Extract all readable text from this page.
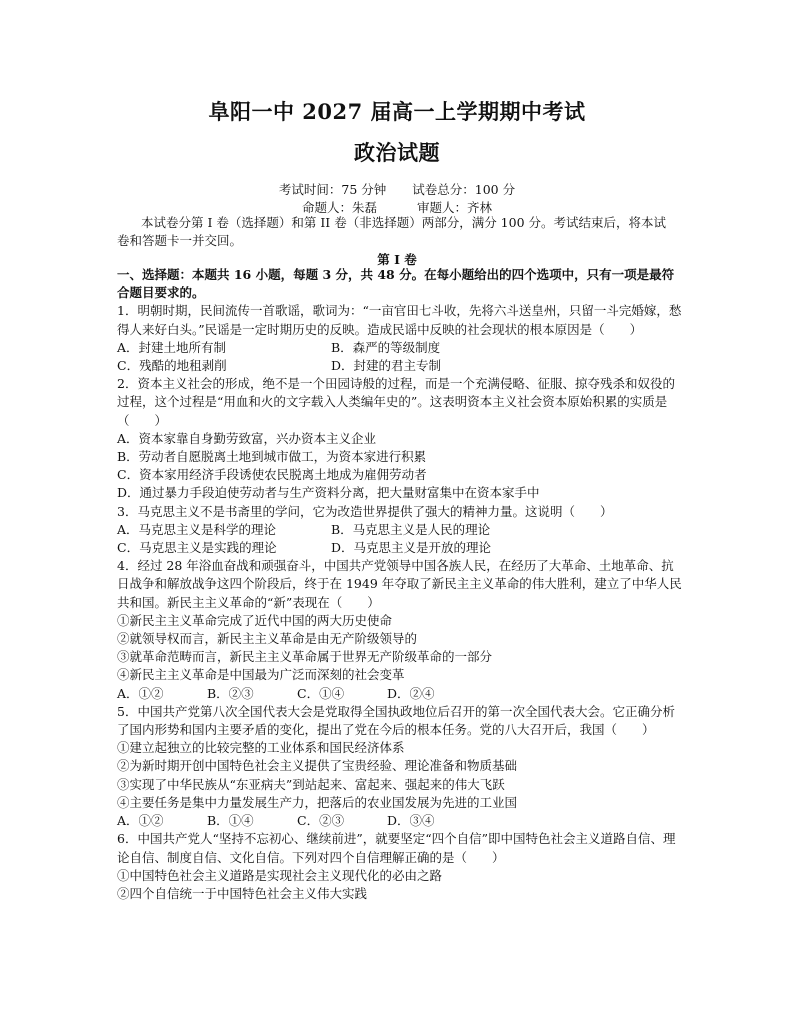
阜阳一中 2027 届高一上学期期中考试
政治试题
考试时间：75 分钟 试卷总分：100 分
命题人：朱磊	审题人：齐林
本试卷分第 I 卷（选择题）和第 II 卷（非选择题）两部分，满分 100 分。考试结束后，将本试卷和答题卡一并交回。
第 I 卷

一、选择题：本题共 16 小题，每题 3 分，共 48 分。在每小题给出的四个选项中，只有一项是最符合题目要求的。

1．明朝时期，民间流传一首歌谣，歌词为：“一亩官田七斗收，先将六斗送皇州，只留一斗完婚嫁，愁得人来好白头。”民谣是一定时期历史的反映。造成民谣中反映的社会现状的根本原因是（　　）

A．封建土地所有制	B．森严的等级制度
C．残酷的地租剥削	D．封建的君主专制

2．资本主义社会的形成，绝不是一个田园诗般的过程，而是一个充满侵略、征服、掠夺残杀和奴役的过程，这个过程是“用血和火的文字载入人类编年史的”。这表明资本主义社会资本原始积累的实质是（　　）

A．资本家靠自身勤劳致富，兴办资本主义企业

B．劳动者自愿脱离土地到城市做工，为资本家进行积累

C．资本家用经济手段诱使农民脱离土地成为雇佣劳动者

D．通过暴力手段迫使劳动者与生产资料分离，把大量财富集中在资本家手中

3．马克思主义不是书斋里的学问，它为改造世界提供了强大的精神力量。这说明（　　）

A．马克思主义是科学的理论	B．马克思主义是人民的理论
C．马克思主义是实践的理论	D．马克思主义是开放的理论

4．经过 28 年浴血奋战和顽强奋斗，中国共产党领导中国各族人民，在经历了大革命、土地革命、抗日战争和解放战争这四个阶段后，终于在 1949 年夺取了新民主主义革命的伟大胜利，建立了中华人民共和国。新民主主义革命的“新”表现在（　　）

①新民主主义革命完成了近代中国的两大历史使命

②就领导权而言，新民主主义革命是由无产阶级领导的

③就革命范畴而言，新民主主义革命属于世界无产阶级革命的一部分

④新民主主义革命是中国最为广泛而深刻的社会变革

A．①②	B．②③	C．①④	D．②④

5．中国共产党第八次全国代表大会是党取得全国执政地位后召开的第一次全国代表大会。它正确分析了国内形势和国内主要矛盾的变化，提出了党在今后的根本任务。党的八大召开后，我国（　　）

①建立起独立的比较完整的工业体系和国民经济体系

②为新时期开创中国特色社会主义提供了宝贵经验、理论准备和物质基础

③实现了中华民族从“东亚病夫”到站起来、富起来、强起来的伟大飞跃

④主要任务是集中力量发展生产力，把落后的农业国发展为先进的工业国

A．①②	B．①④	C．②③	D．③④

6．中国共产党人“坚持不忘初心、继续前进”，就要坚定“四个自信”即中国特色社会主义道路自信、理论自信、制度自信、文化自信。下列对四个自信理解正确的是（　　）

①中国特色社会主义道路是实现社会主义现代化的必由之路

②四个自信统一于中国特色社会主义伟大实践
